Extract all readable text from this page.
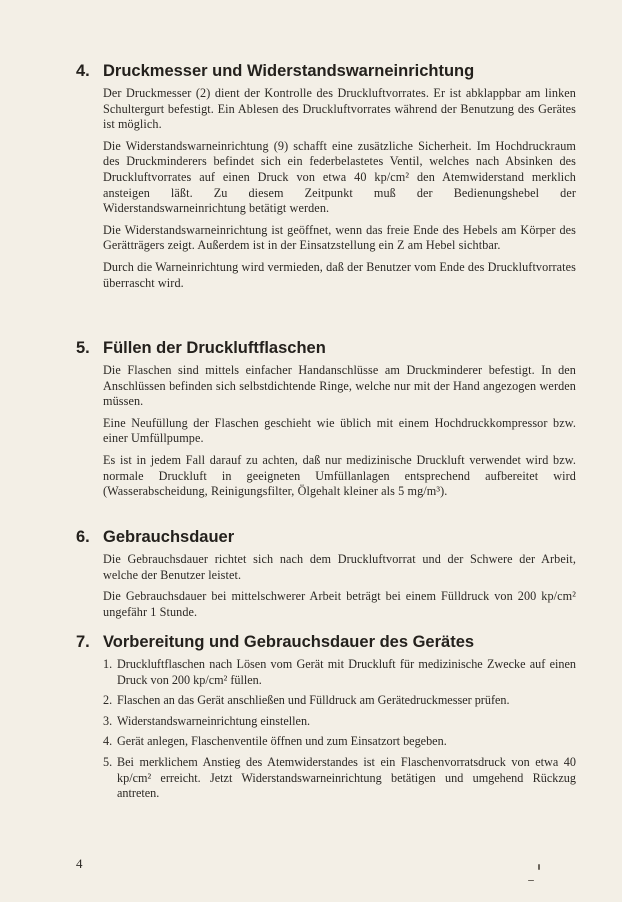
4. Druckmesser und Widerstandswarneinrichtung

Der Druckmesser (2) dient der Kontrolle des Druckluftvorrates. Er ist abklappbar am linken Schultergurt befestigt. Ein Ablesen des Druckluftvorrates während der Benutzung des Gerätes ist möglich.

Die Widerstandswarneinrichtung (9) schafft eine zusätzliche Sicherheit. Im Hochdruckraum des Druckminderers befindet sich ein federbelastetes Ventil, welches nach Absinken des Druckluftvorrates auf einen Druck von etwa 40 kp/cm² den Atemwiderstand merklich ansteigen läßt. Zu diesem Zeitpunkt muß der Bedienungshebel der Widerstandswarneinrichtung betätigt werden.

Die Widerstandswarneinrichtung ist geöffnet, wenn das freie Ende des Hebels am Körper des Gerätträgers zeigt. Außerdem ist in der Einsatzstellung ein Z am Hebel sichtbar.

Durch die Warneinrichtung wird vermieden, daß der Benutzer vom Ende des Druckluftvorrates überrascht wird.

5. Füllen der Druckluftflaschen

Die Flaschen sind mittels einfacher Handanschlüsse am Druckminderer befestigt. In den Anschlüssen befinden sich selbstdichtende Ringe, welche nur mit der Hand angezogen werden müssen.

Eine Neufüllung der Flaschen geschieht wie üblich mit einem Hochdruckkompressor bzw. einer Umfüllpumpe.

Es ist in jedem Fall darauf zu achten, daß nur medizinische Druckluft verwendet wird bzw. normale Druckluft in geeigneten Umfüllanlagen entsprechend aufbereitet wird (Wasserabscheidung, Reinigungsfilter, Ölgehalt kleiner als 5 mg/m³).

6. Gebrauchsdauer

Die Gebrauchsdauer richtet sich nach dem Druckluftvorrat und der Schwere der Arbeit, welche der Benutzer leistet.

Die Gebrauchsdauer bei mittelschwerer Arbeit beträgt bei einem Fülldruck von 200 kp/cm² ungefähr 1 Stunde.

7. Vorbereitung und Gebrauchsdauer des Gerätes
1. Druckluftflaschen nach Lösen vom Gerät mit Druckluft für medizinische Zwecke auf einen Druck von 200 kp/cm² füllen.
2. Flaschen an das Gerät anschließen und Fülldruck am Gerätedruckmesser prüfen.
3. Widerstandswarneinrichtung einstellen.
4. Gerät anlegen, Flaschenventile öffnen und zum Einsatzort begeben.
5. Bei merklichem Anstieg des Atemwiderstandes ist ein Flaschenvorratsdruck von etwa 40 kp/cm² erreicht. Jetzt Widerstandswarneinrichtung betätigen und umgehend Rückzug antreten.
4
